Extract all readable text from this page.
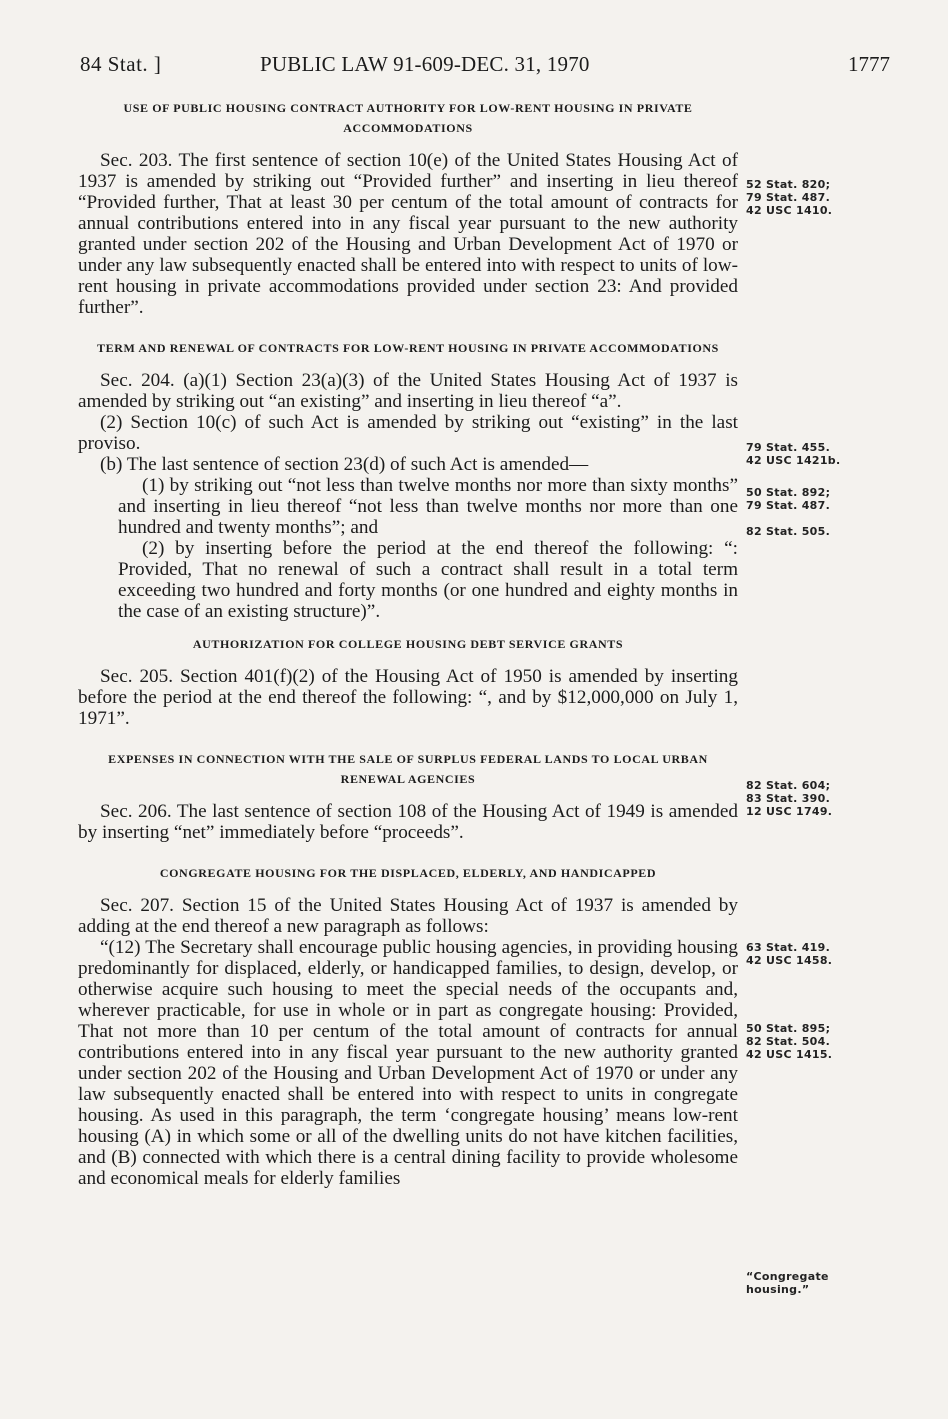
84 Stat. ]	PUBLIC LAW 91-609-DEC. 31, 1970	1777
USE OF PUBLIC HOUSING CONTRACT AUTHORITY FOR LOW-RENT HOUSING IN PRIVATE ACCOMMODATIONS

Sec. 203. The first sentence of section 10(e) of the United States Housing Act of 1937 is amended by striking out “Provided further” and inserting in lieu thereof “Provided further, That at least 30 per centum of the total amount of contracts for annual contributions entered into in any fiscal year pursuant to the new authority granted under section 202 of the Housing and Urban Development Act of 1970 or under any law subsequently enacted shall be entered into with respect to units of low-rent housing in private accommodations provided under section 23: And provided further”.

TERM AND RENEWAL OF CONTRACTS FOR LOW-RENT HOUSING IN PRIVATE ACCOMMODATIONS

Sec. 204. (a)(1) Section 23(a)(3) of the United States Housing Act of 1937 is amended by striking out “an existing” and inserting in lieu thereof “a”.

(2) Section 10(c) of such Act is amended by striking out “existing” in the last proviso.

(b) The last sentence of section 23(d) of such Act is amended—

(1) by striking out “not less than twelve months nor more than sixty months” and inserting in lieu thereof “not less than twelve months nor more than one hundred and twenty months”; and

(2) by inserting before the period at the end thereof the following: “: Provided, That no renewal of such a contract shall result in a total term exceeding two hundred and forty months (or one hundred and eighty months in the case of an existing structure)”.

AUTHORIZATION FOR COLLEGE HOUSING DEBT SERVICE GRANTS

Sec. 205. Section 401(f)(2) of the Housing Act of 1950 is amended by inserting before the period at the end thereof the following: “, and by $12,000,000 on July 1, 1971”.

EXPENSES IN CONNECTION WITH THE SALE OF SURPLUS FEDERAL LANDS TO LOCAL URBAN RENEWAL AGENCIES

Sec. 206. The last sentence of section 108 of the Housing Act of 1949 is amended by inserting “net” immediately before “proceeds”.

CONGREGATE HOUSING FOR THE DISPLACED, ELDERLY, AND HANDICAPPED

Sec. 207. Section 15 of the United States Housing Act of 1937 is amended by adding at the end thereof a new paragraph as follows:

“(12) The Secretary shall encourage public housing agencies, in providing housing predominantly for displaced, elderly, or handicapped families, to design, develop, or otherwise acquire such housing to meet the special needs of the occupants and, wherever practicable, for use in whole or in part as congregate housing: Provided, That not more than 10 per centum of the total amount of contracts for annual contributions entered into in any fiscal year pursuant to the new authority granted under section 202 of the Housing and Urban Development Act of 1970 or under any law subsequently enacted shall be entered into with respect to units in congregate housing. As used in this paragraph, the term ‘congregate housing’ means low-rent housing (A) in which some or all of the dwelling units do not have kitchen facilities, and (B) connected with which there is a central dining facility to provide wholesome and economical meals for elderly families

52 Stat. 820;
79 Stat. 487.
42 USC 1410.
79 Stat. 455.
42 USC 1421b.
50 Stat. 892;
79 Stat. 487.
82 Stat. 505.
82 Stat. 604;
83 Stat. 390.
12 USC 1749.
63 Stat. 419.
42 USC 1458.
50 Stat. 895;
82 Stat. 504.
42 USC 1415.
“Congregate
housing.”
